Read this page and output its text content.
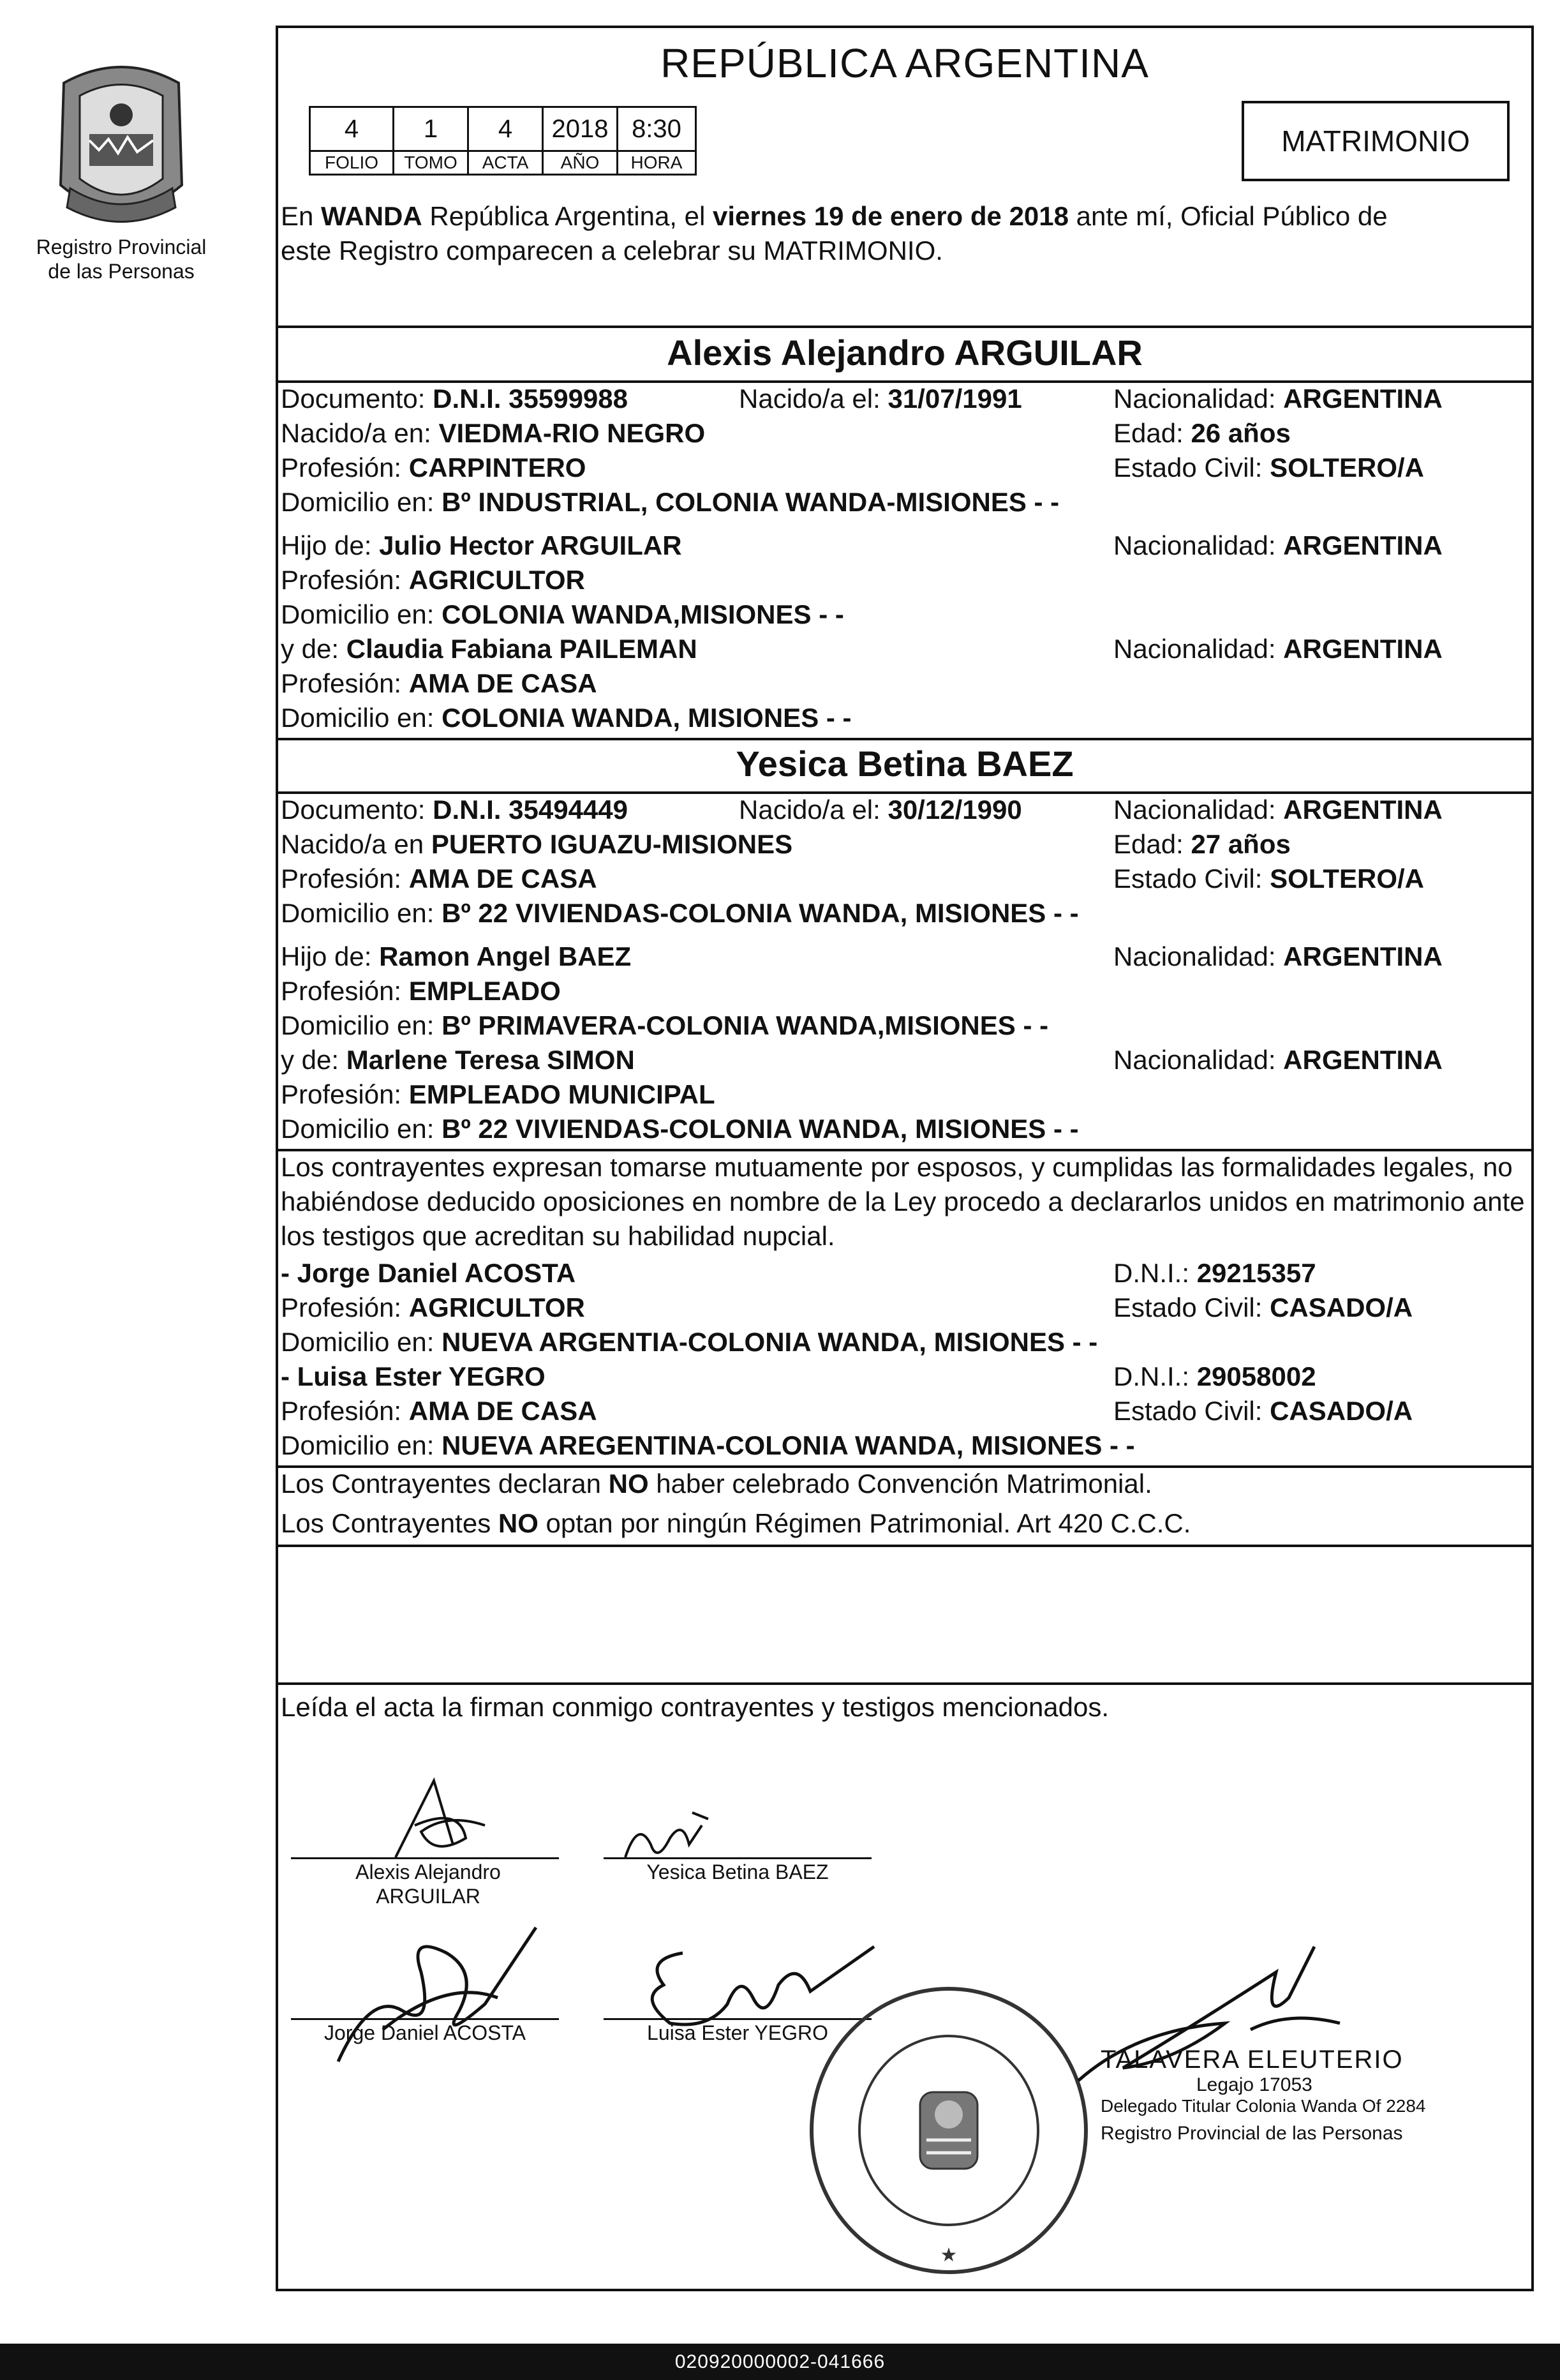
Registro Provincial
de las Personas
REPÚBLICA ARGENTINA
4	1	4	2018	8:30
FOLIO	TOMO	ACTA	AÑO	HORA
MATRIMONIO
En WANDA República Argentina, el viernes 19 de enero de 2018 ante mí, Oficial Público de
este Registro comparecen a celebrar su MATRIMONIO.
Alexis Alejandro ARGUILAR
Documento: D.N.I. 35599988	Nacido/a el: 31/07/1991	Nacionalidad: ARGENTINA
Nacido/a en: VIEDMA-RIO NEGRO	Edad: 26 años
Profesión: CARPINTERO	Estado Civil: SOLTERO/A
Domicilio en: Bº INDUSTRIAL, COLONIA WANDA-MISIONES - -
Hijo de: Julio Hector ARGUILAR	Nacionalidad: ARGENTINA
Profesión: AGRICULTOR
Domicilio en: COLONIA WANDA,MISIONES - -
y de: Claudia Fabiana PAILEMAN	Nacionalidad: ARGENTINA
Profesión: AMA DE CASA
Domicilio en: COLONIA WANDA, MISIONES - -
Yesica Betina BAEZ
Documento: D.N.I. 35494449	Nacido/a el: 30/12/1990	Nacionalidad: ARGENTINA
Nacido/a en PUERTO IGUAZU-MISIONES	Edad: 27 años
Profesión: AMA DE CASA	Estado Civil: SOLTERO/A
Domicilio en: Bº 22 VIVIENDAS-COLONIA WANDA, MISIONES - -
Hijo de: Ramon Angel BAEZ	Nacionalidad: ARGENTINA
Profesión: EMPLEADO
Domicilio en: Bº PRIMAVERA-COLONIA WANDA,MISIONES - -
y de: Marlene Teresa SIMON	Nacionalidad: ARGENTINA
Profesión: EMPLEADO MUNICIPAL
Domicilio en: Bº 22 VIVIENDAS-COLONIA WANDA, MISIONES - -
Los contrayentes expresan tomarse mutuamente por esposos, y cumplidas las formalidades legales, no
habiéndose deducido oposiciones en nombre de la Ley procedo a declararlos unidos en matrimonio ante
los testigos que acreditan su habilidad nupcial.
- Jorge Daniel ACOSTA	D.N.I.: 29215357
Profesión: AGRICULTOR	Estado Civil: CASADO/A
Domicilio en: NUEVA ARGENTIA-COLONIA WANDA, MISIONES - -
- Luisa Ester YEGRO	D.N.I.: 29058002
Profesión: AMA DE CASA	Estado Civil: CASADO/A
Domicilio en: NUEVA AREGENTINA-COLONIA WANDA, MISIONES - -
Los Contrayentes declaran NO haber celebrado Convención Matrimonial.
Los Contrayentes NO optan por ningún Régimen Patrimonial. Art 420 C.C.C.
Leída el acta la firman conmigo contrayentes y testigos mencionados.
Alexis Alejandro
ARGUILAR
Yesica Betina BAEZ
Jorge Daniel ACOSTA	Luisa Ester YEGRO
★
TALAVERA ELEUTERIO
Legajo 17053
Delegado Titular Colonia Wanda Of 2284
Registro Provincial de las Personas
020920000002-041666
